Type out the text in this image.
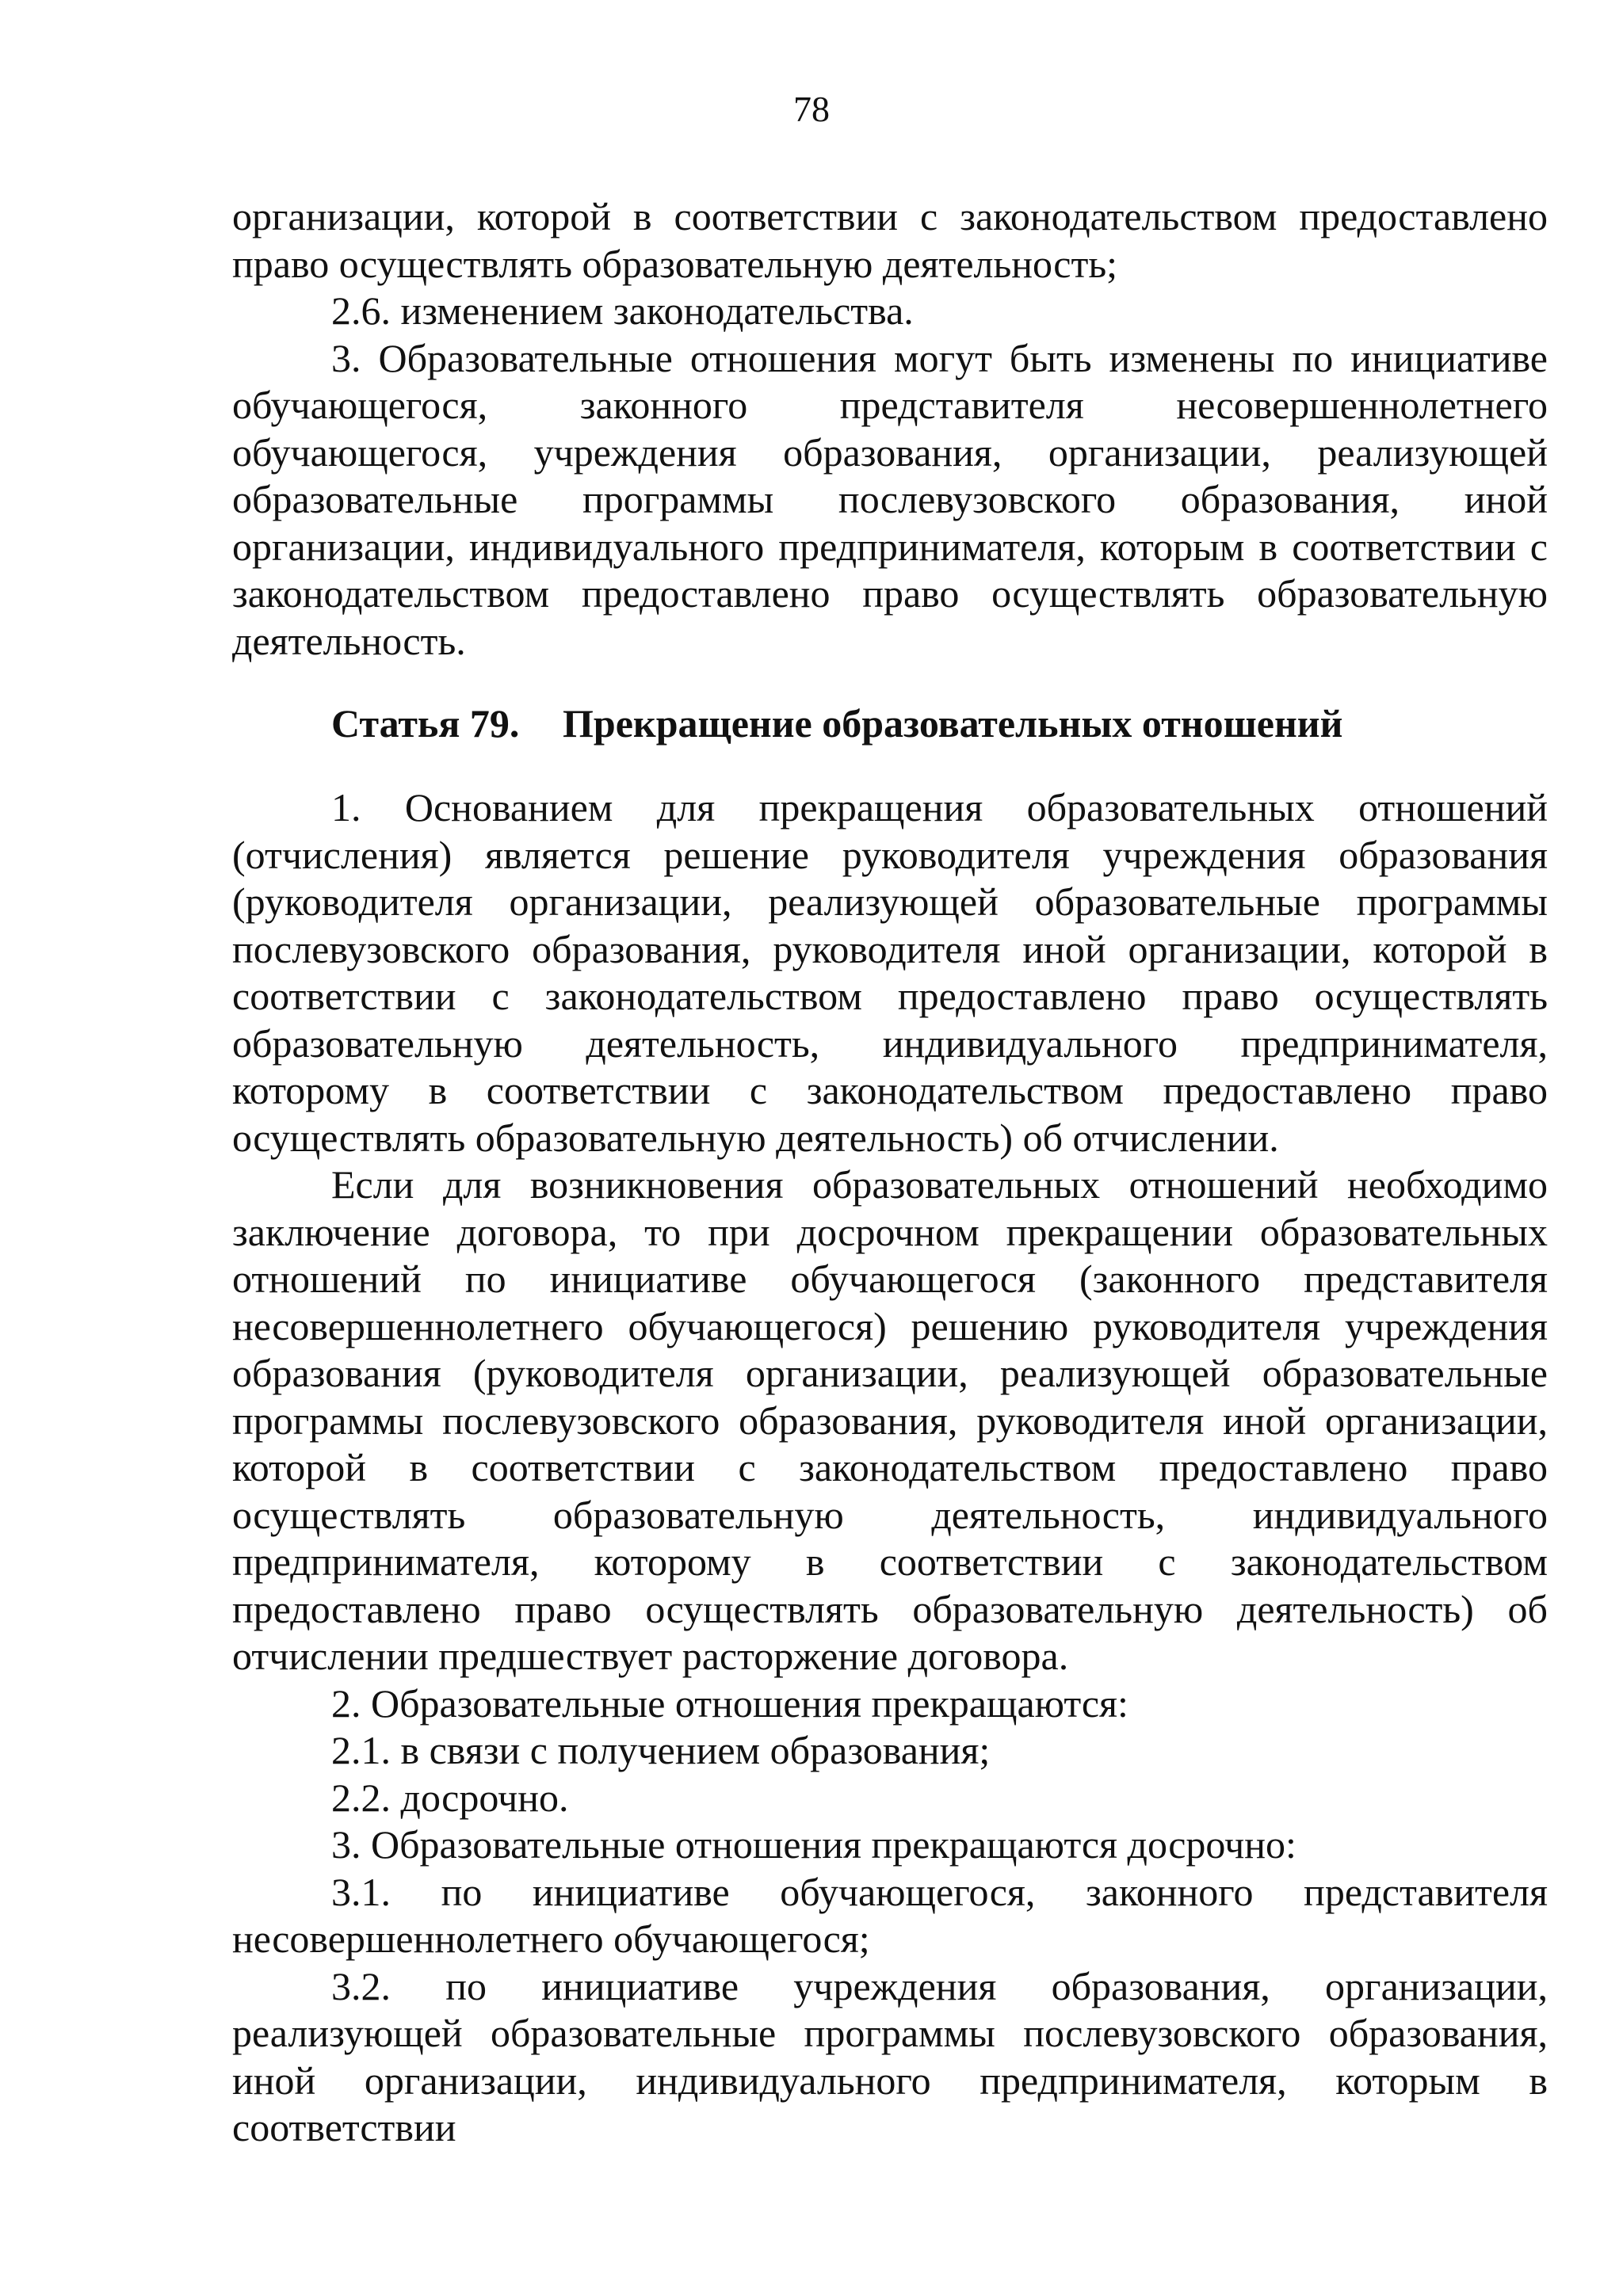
78

организации, которой в соответствии с законодательством предоставлено право осуществлять образовательную деятельность;

2.6. изменением законодательства.

3. Образовательные отношения могут быть изменены по инициативе обучающегося, законного представителя несовершеннолетнего обучающегося, учреждения образования, организации, реализующей образовательные программы послевузовского образования, иной организации, индивидуального предпринимателя, которым в соответствии с законодательством предоставлено право осуществлять образовательную деятельность.

Статья 79. Прекращение образовательных отношений

1. Основанием для прекращения образовательных отношений (отчисления) является решение руководителя учреждения образования (руководителя организации, реализующей образовательные программы послевузовского образования, руководителя иной организации, которой в соответствии с законодательством предоставлено право осуществлять образовательную деятельность, индивидуального предпринимателя, которому в соответствии с законодательством предоставлено право осуществлять образовательную деятельность) об отчислении.

Если для возникновения образовательных отношений необходимо заключение договора, то при досрочном прекращении образовательных отношений по инициативе обучающегося (законного представителя несовершеннолетнего обучающегося) решению руководителя учреждения образования (руководителя организации, реализующей образовательные программы послевузовского образования, руководителя иной организации, которой в соответствии с законодательством предоставлено право осуществлять образовательную деятельность, индивидуального предпринимателя, которому в соответствии с законодательством предоставлено право осуществлять образовательную деятельность) об отчислении предшествует расторжение договора.

2. Образовательные отношения прекращаются:

2.1. в связи с получением образования;

2.2. досрочно.

3. Образовательные отношения прекращаются досрочно:

3.1. по инициативе обучающегося, законного представителя несовершеннолетнего обучающегося;

3.2. по инициативе учреждения образования, организации, реализующей образовательные программы послевузовского образования, иной организации, индивидуального предпринимателя, которым в соответствии
